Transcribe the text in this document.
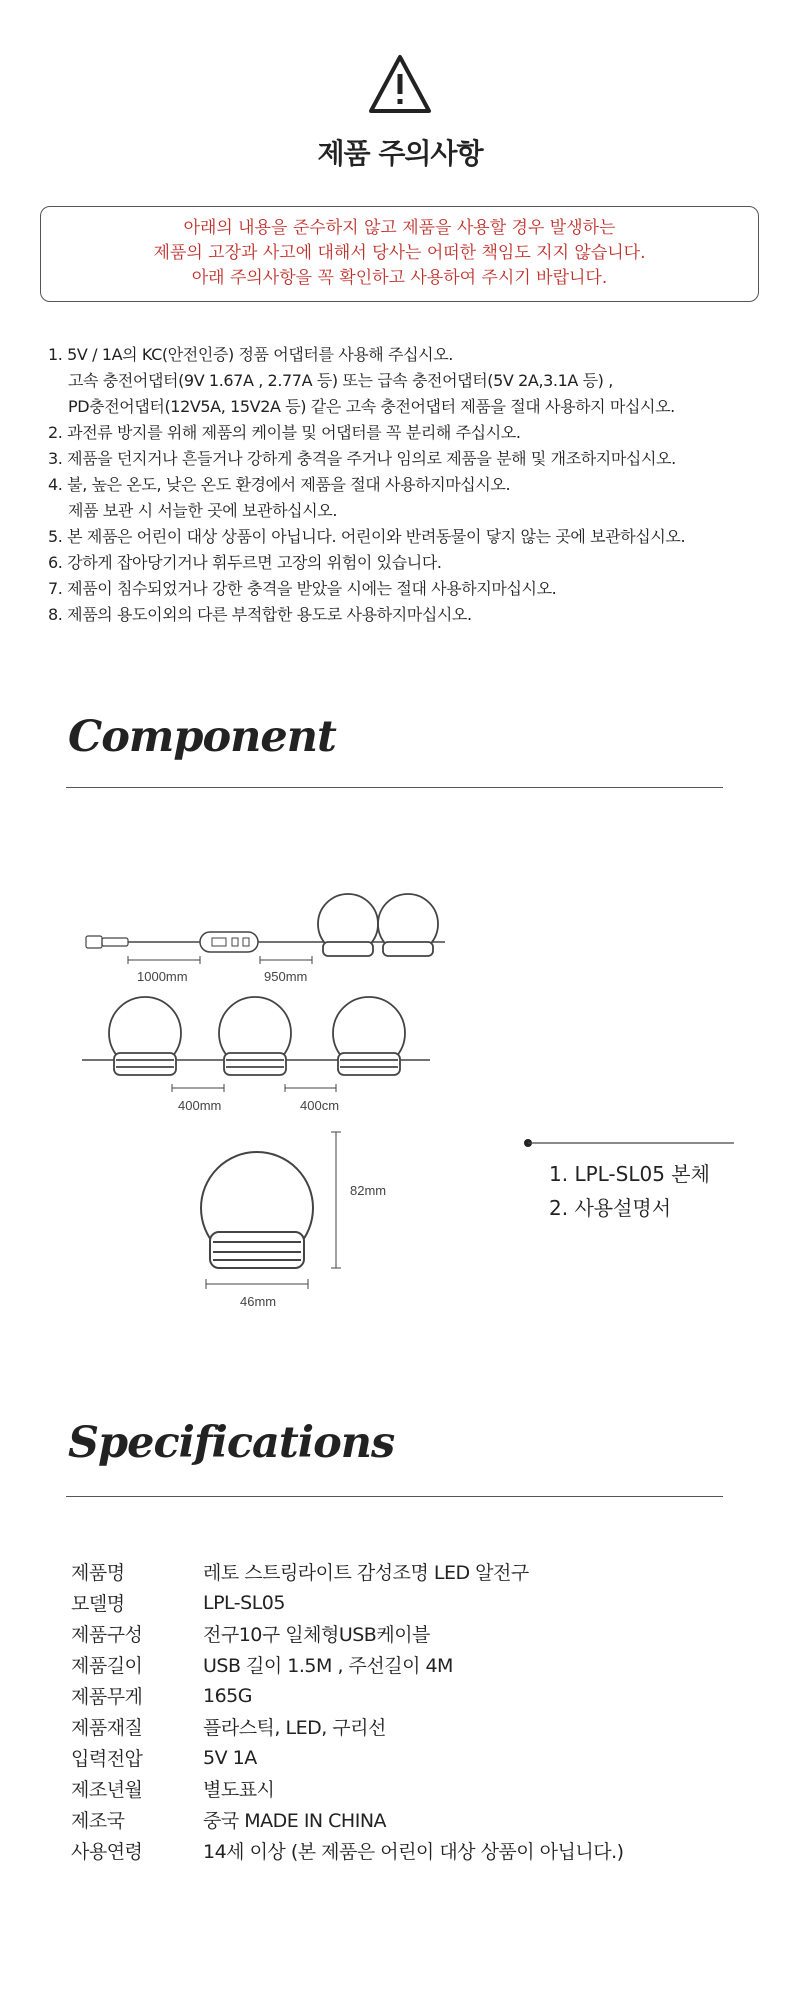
제품 주의사항
아래의 내용을 준수하지 않고 제품을 사용할 경우 발생하는
제품의 고장과 사고에 대해서 당사는 어떠한 책임도 지지 않습니다.
아래 주의사항을 꼭 확인하고 사용하여 주시기 바랍니다.
1. 5V / 1A의 KC(안전인증) 정품 어댑터를 사용해 주십시오.
고속 충전어댑터(9V 1.67A , 2.77A 등) 또는 급속 충전어댑터(5V 2A,3.1A 등) ,
PD충전어댑터(12V5A, 15V2A 등) 같은 고속 충전어댑터 제품을 절대 사용하지 마십시오.
2. 과전류 방지를 위해 제품의 케이블 및 어댑터를 꼭 분리해 주십시오.
3. 제품을 던지거나 흔들거나 강하게 충격을 주거나 임의로 제품을 분해 및 개조하지마십시오.
4. 불, 높은 온도, 낮은 온도 환경에서 제품을 절대 사용하지마십시오.
제품 보관 시 서늘한 곳에 보관하십시오.
5. 본 제품은 어린이 대상 상품이 아닙니다. 어린이와 반려동물이 닿지 않는 곳에 보관하십시오.
6. 강하게 잡아당기거나 휘두르면 고장의 위험이 있습니다.
7. 제품이 침수되었거나 강한 충격을 받았을 시에는 절대 사용하지마십시오.
8. 제품의 용도이외의 다른 부적합한 용도로 사용하지마십시오.
Component
1000mm	950mm
400mm	400cm
82mm
46mm
1. LPL-SL05 본체
2. 사용설명서
Specifications
제품명	레토 스트링라이트 감성조명 LED 알전구
모델명	LPL-SL05
제품구성	전구10구 일체형USB케이블
제품길이	USB 길이 1.5M , 주선길이 4M
제품무게	165G
제품재질	플라스틱, LED, 구리선
입력전압	5V 1A
제조년월	별도표시
제조국	중국 MADE IN CHINA
사용연령	14세 이상 (본 제품은 어린이 대상 상품이 아닙니다.)
